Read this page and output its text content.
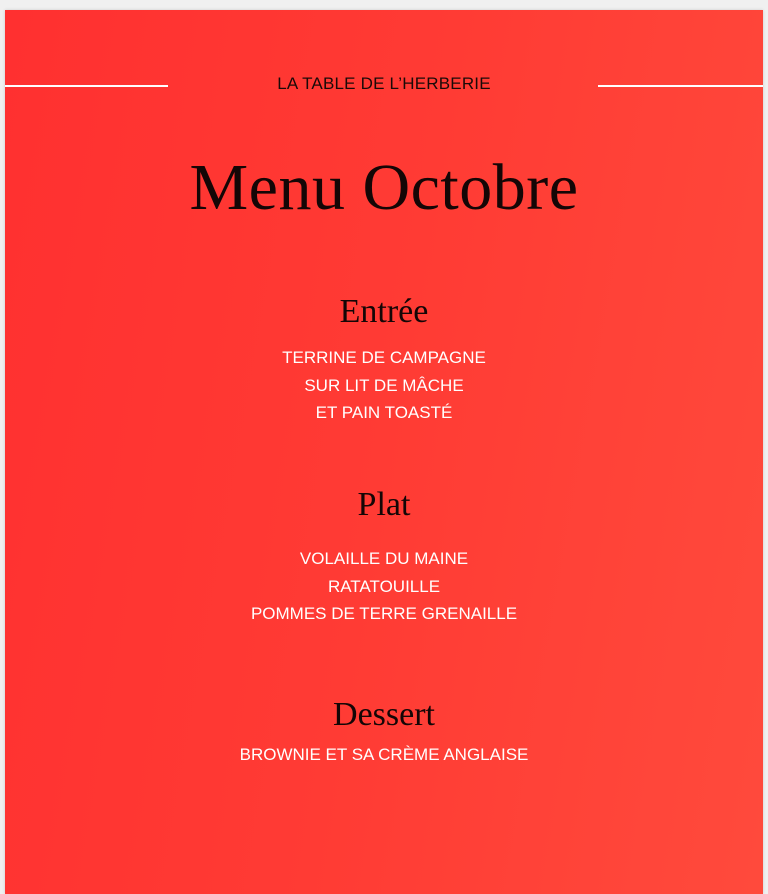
LA TABLE DE L’HERBERIE
Menu Octobre
Entrée
TERRINE DE CAMPAGNE
SUR LIT DE MÂCHE
ET PAIN TOASTÉ
Plat
VOLAILLE DU MAINE
RATATOUILLE
POMMES DE TERRE GRENAILLE
Dessert
BROWNIE ET SA CRÈME ANGLAISE
